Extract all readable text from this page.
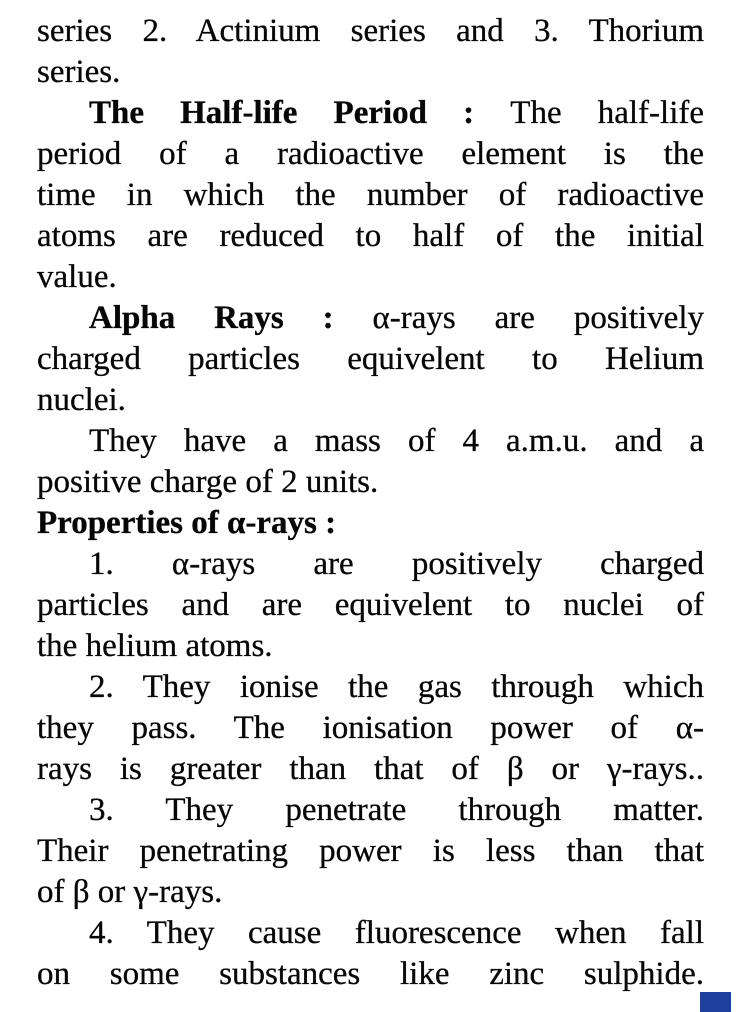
series 2. Actinium series and 3. Thorium
series.
The Half-life Period : The half-life
period of a radioactive element is the
time in which the number of radioactive
atoms are reduced to half of the initial
value.
Alpha Rays : α-rays are positively
charged particles equivelent to Helium
nuclei.
They have a mass of 4 a.m.u. and a
positive charge of 2 units.
Properties of α-rays :
1. α-rays are positively charged
particles and are equivelent to nuclei of
the helium atoms.
2. They ionise the gas through which
they pass. The ionisation power of α-
rays is greater than that of β or γ-rays..
3. They penetrate through matter.
Their penetrating power is less than that
of β or γ-rays.
4. They cause fluorescence when fall
on some substances like zinc sulphide.
